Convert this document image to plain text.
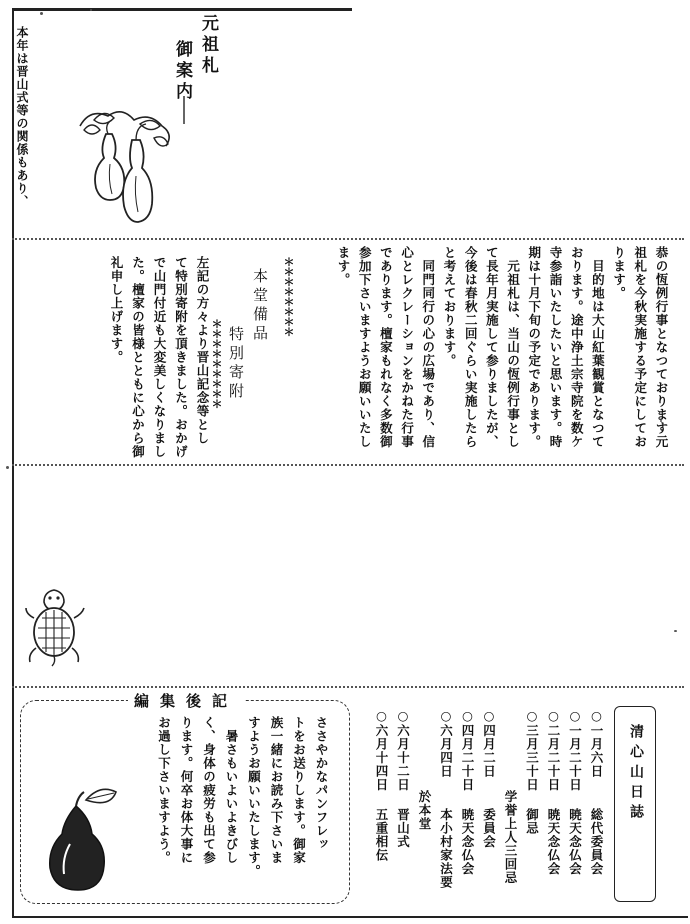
元祖札
御案内
本年は晋山式等の関係もあり、
恭の恆例行事となつております元
祖札を今秋実施する予定にしてお
ります。
　目的地は大山紅葉観賞となつて
おります。途中浄土宗寺院を数ケ
寺参詣いたしたいと思います。時
期は十月下旬の予定であります。
　元祖札は、当山の恆例行事とし
て長年月実施して参りましたが、
今後は春秋二回ぐらい実施したら
と考えております。
　同門同行の心の広場であり、信
心とレクレーションをかねた行事
であります。檀家もれなく多数御
参加下さいますようお願いいたし
ます。
＊＊＊＊＊＊＊＊
本堂備品
特別寄附
＊＊＊＊＊＊＊＊＊
左記の方々より晋山記念等とし
て特別寄附を頂きました。おかげ
で山門付近も大変美しくなりまし
た。檀家の皆様とともに心から御
礼申し上げます。
清心山日誌
○一月六日
総代委員会
○一月二十日
暁天念仏会
○二月二十日
暁天念仏会
○三月三十日
御忌
学誉上人三回忌
○四月二日
委員会
○四月二十日
暁天念仏会
○六月四日
本小村家法要
於本堂
○六月十二日
晋山式
○六月十四日
五重相伝
編集後記
ささやかなパンフレッ
トをお送りします。御家
族一緒にお読み下さいま
すようお願いいたします。
　暑さもいよいよきびし
く、身体の疲労も出て参
ります。何卒お体大事に
お過し下さいますよう。
